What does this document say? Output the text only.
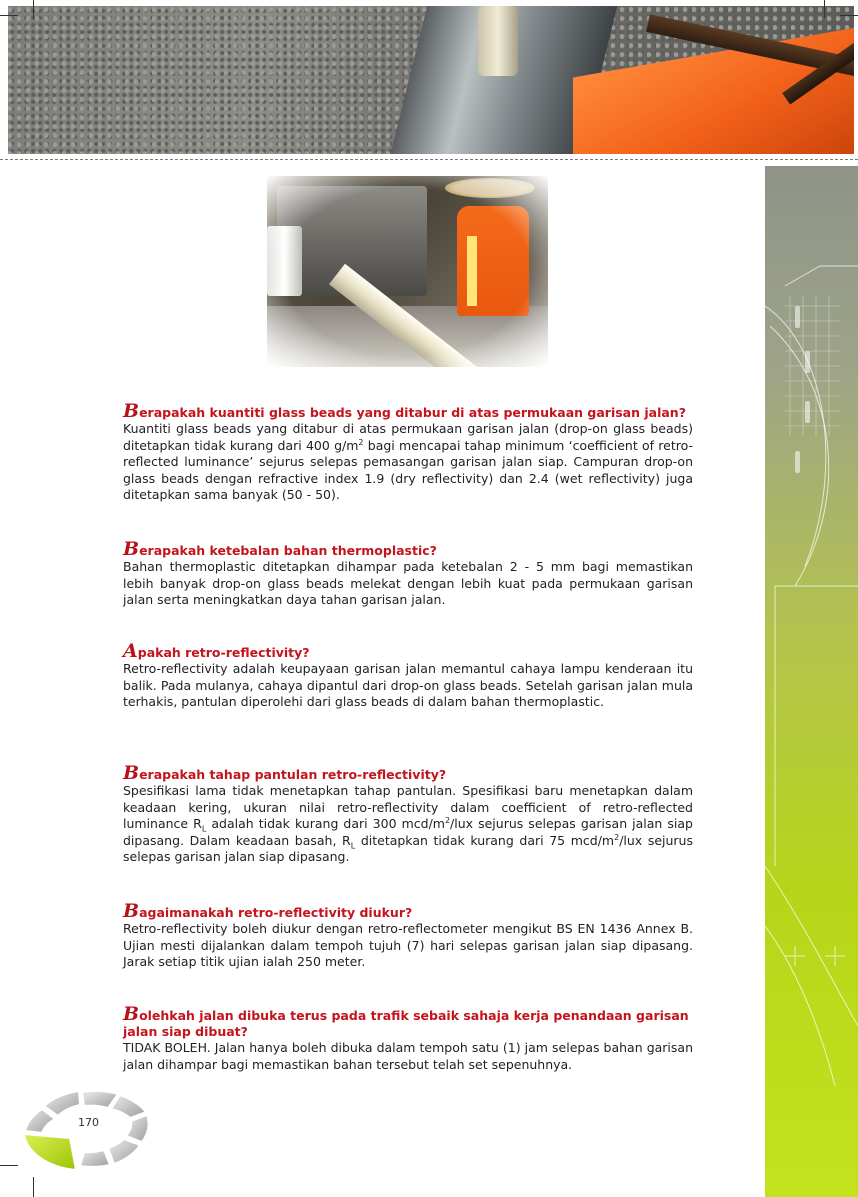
Berapakah kuantiti glass beads yang ditabur di atas permukaan garisan jalan?

Kuantiti glass beads yang ditabur di atas permukaan garisan jalan (drop-on glass beads) ditetapkan tidak kurang dari 400 $g/m^2$ bagi mencapai tahap minimum ‘coefficient of retro-reflected luminance’ sejurus selepas pemasangan garisan jalan siap. Campuran drop-on glass beads dengan refractive index 1.9 (dry reflectivity) dan 2.4 (wet reflectivity) juga ditetapkan sama banyak (50 - 50).

Berapakah ketebalan bahan thermoplastic?

Bahan thermoplastic ditetapkan dihampar pada ketebalan 2 - 5 mm bagi memastikan lebih banyak drop-on glass beads melekat dengan lebih kuat pada permukaan garisan jalan serta meningkatkan daya tahan garisan jalan.

Apakah retro-reflectivity?

Retro-reflectivity adalah keupayaan garisan jalan memantul cahaya lampu kenderaan itu balik. Pada mulanya, cahaya dipantul dari drop-on glass beads. Setelah garisan jalan mula terhakis, pantulan diperolehi dari glass beads di dalam bahan thermoplastic.

Berapakah tahap pantulan retro-reflectivity?

Spesifikasi lama tidak menetapkan tahap pantulan. Spesifikasi baru menetapkan dalam keadaan kering, ukuran nilai retro-reflectivity dalam coefficient of retro-reflected luminance $R_L$ adalah tidak kurang dari 300 mcd/$m^2$/lux sejurus selepas garisan jalan siap dipasang. Dalam keadaan basah, $R_L$ ditetapkan tidak kurang dari 75 mcd/$m^2$/lux sejurus selepas garisan jalan siap dipasang.

Bagaimanakah retro-reflectivity diukur?

Retro-reflectivity boleh diukur dengan retro-reflectometer mengikut BS EN 1436 Annex B. Ujian mesti dijalankan dalam tempoh tujuh (7) hari selepas garisan jalan siap dipasang. Jarak setiap titik ujian ialah 250 meter.

Bolehkah jalan dibuka terus pada trafik sebaik sahaja kerja penandaan garisan jalan siap dibuat?

TIDAK BOLEH. Jalan hanya boleh dibuka dalam tempoh satu (1) jam selepas bahan garisan jalan dihampar bagi memastikan bahan tersebut telah set sepenuhnya.

170
